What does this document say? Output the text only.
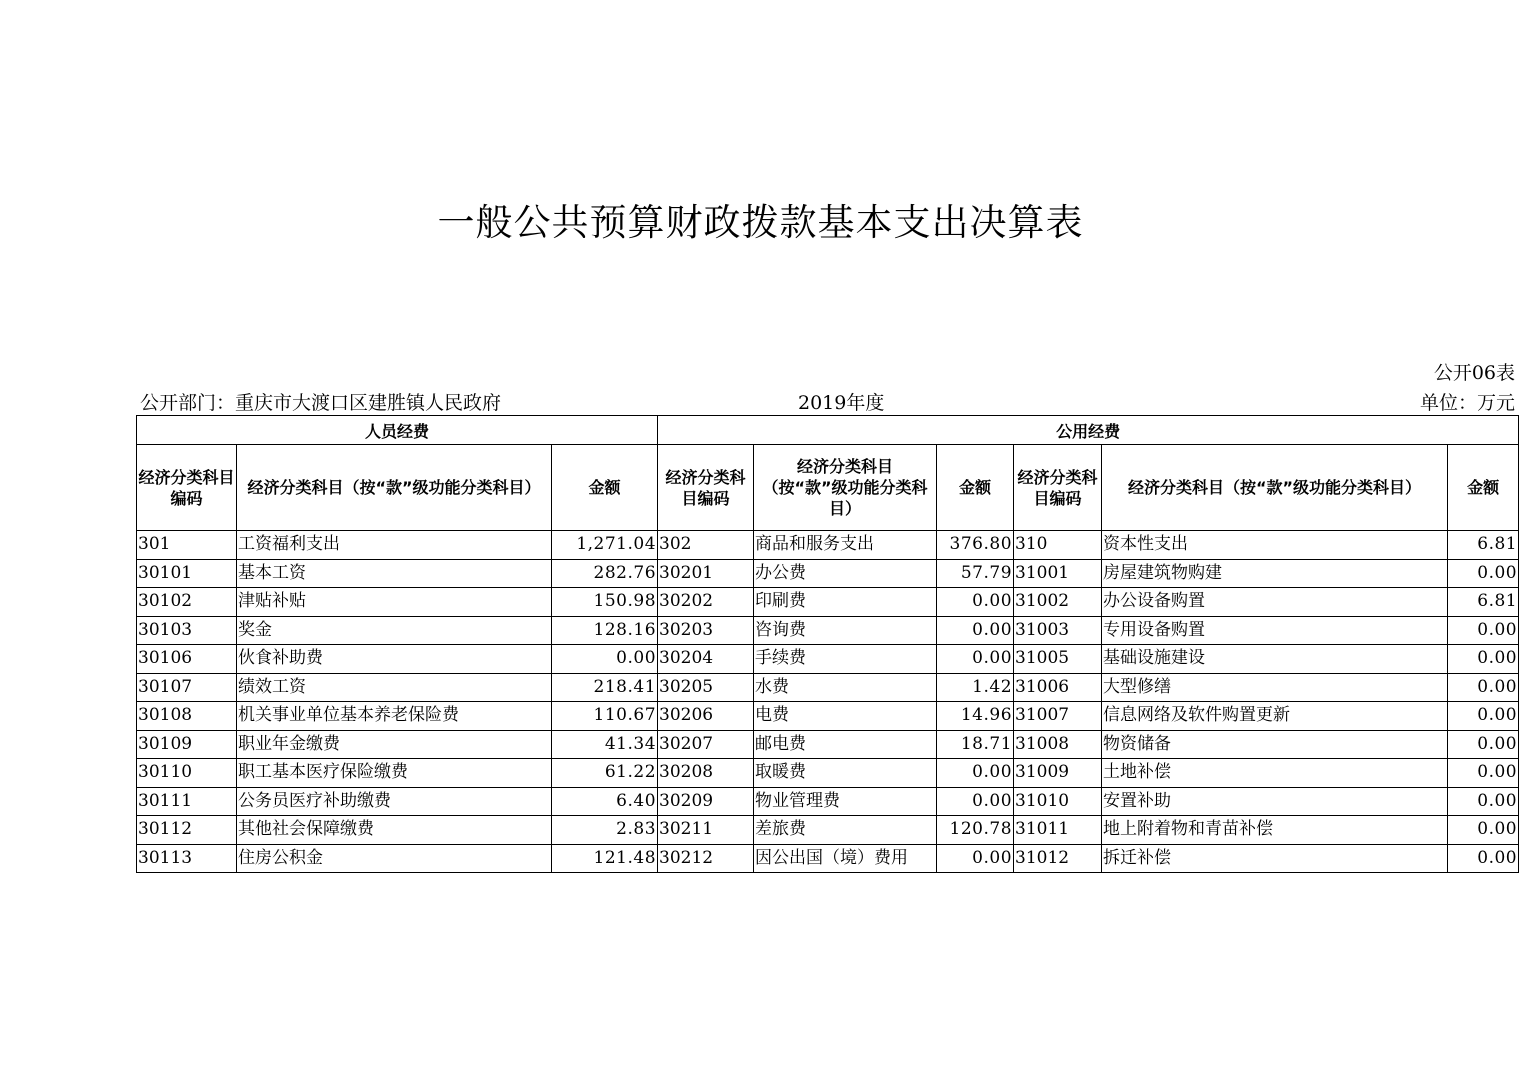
一般公共预算财政拨款基本支出决算表
公开06表
公开部门：重庆市大渡口区建胜镇人民政府	2019年度	单位：万元
人员经费			公用经费					
经济分类科目编码	经济分类科目（按“款”级功能分类科目）	金额	经济分类科目编码	经济分类科目（按“款”级功能分类科目）	金额	经济分类科目编码	经济分类科目（按“款”级功能分类科目）	金额
301	工资福利支出	1,271.04	302	商品和服务支出	376.80	310	资本性支出	6.81
30101	基本工资	282.76	30201	办公费	57.79	31001	房屋建筑物购建	0.00
30102	津贴补贴	150.98	30202	印刷费	0.00	31002	办公设备购置	6.81
30103	奖金	128.16	30203	咨询费	0.00	31003	专用设备购置	0.00
30106	伙食补助费	0.00	30204	手续费	0.00	31005	基础设施建设	0.00
30107	绩效工资	218.41	30205	水费	1.42	31006	大型修缮	0.00
30108	机关事业单位基本养老保险费	110.67	30206	电费	14.96	31007	信息网络及软件购置更新	0.00
30109	职业年金缴费	41.34	30207	邮电费	18.71	31008	物资储备	0.00
30110	职工基本医疗保险缴费	61.22	30208	取暖费	0.00	31009	土地补偿	0.00
30111	公务员医疗补助缴费	6.40	30209	物业管理费	0.00	31010	安置补助	0.00
30112	其他社会保障缴费	2.83	30211	差旅费	120.78	31011	地上附着物和青苗补偿	0.00
30113	住房公积金	121.48	30212	因公出国（境）费用	0.00	31012	拆迁补偿	0.00
